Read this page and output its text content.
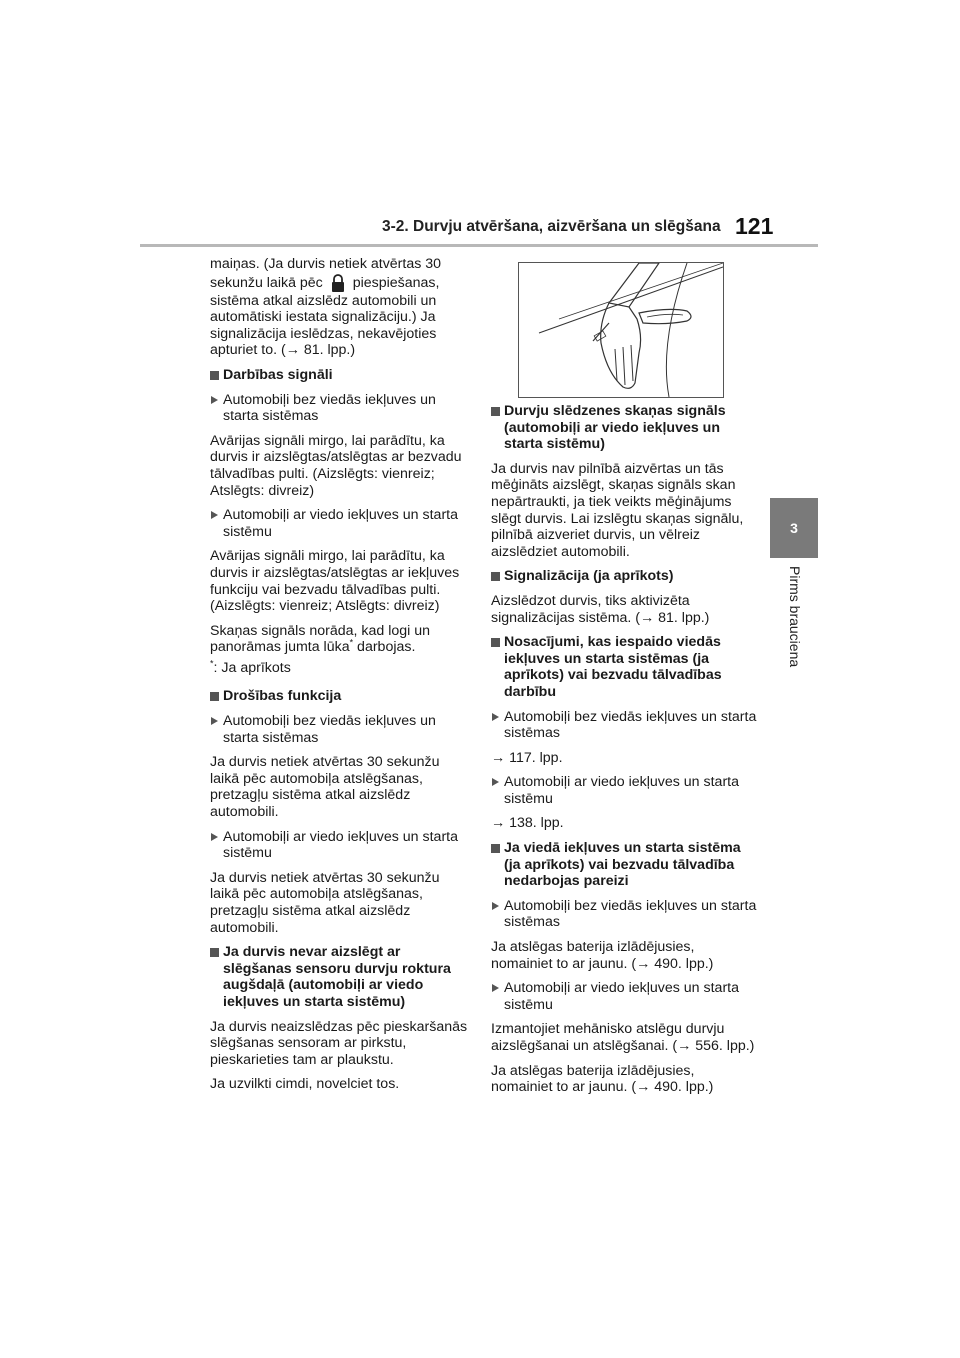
3-2. Durvju atvēršana, aizvēršana un slēgšana 121
3
Pirms brauciena

maiņas. (Ja durvis netiek atvērtas 30
sekunžu laikā pēc piespiešanas,
sistēma atkal aizslēdz automobili un automātiski iestata signalizāciju.) Ja signalizācija ieslēdzas, nekavējoties apturiet to. (→ 81. lpp.)

Darbības signāli
Automobiļi bez viedās iekļuves un starta sistēmas

Avārijas signāli mirgo, lai parādītu, ka durvis ir aizslēgtas/atslēgtas ar bezvadu tālvadības pulti. (Aizslēgts: vienreiz; Atslēgts: divreiz)

Automobiļi ar viedo iekļuves un starta sistēmu

Avārijas signāli mirgo, lai parādītu, ka durvis ir aizslēgtas/atslēgtas ar iekļuves funkciju vai bezvadu tālvadības pulti. (Aizslēgts: vienreiz; Atslēgts: divreiz)

Skaņas signāls norāda, kad logi un panorāmas jumta lūka* darbojas.

*: Ja aprīkots

Drošības funkcija
Automobiļi bez viedās iekļuves un starta sistēmas

Ja durvis netiek atvērtas 30 sekunžu laikā pēc automobiļa atslēgšanas, pretzagļu sistēma atkal aizslēdz automobili.

Automobiļi ar viedo iekļuves un starta sistēmu

Ja durvis netiek atvērtas 30 sekunžu laikā pēc automobiļa atslēgšanas, pretzagļu sistēma atkal aizslēdz automobili.

Ja durvis nevar aizslēgt ar slēgšanas sensoru durvju roktura augšdaļā (automobiļi ar viedo iekļuves un starta sistēmu)

Ja durvis neaizslēdzas pēc pieskaršanās slēgšanas sensoram ar pirkstu, pieskarieties tam ar plaukstu.

Ja uzvilkti cimdi, novelciet tos.

Durvju slēdzenes skaņas signāls (automobiļi ar viedo iekļuves un starta sistēmu)

Ja durvis nav pilnībā aizvērtas un tās mēģināts aizslēgt, skaņas signāls skan nepārtraukti, ja tiek veikts mēģinājums slēgt durvis. Lai izslēgtu skaņas signālu, pilnībā aizveriet durvis, un vēlreiz aizslēdziet automobili.

Signalizācija (ja aprīkots)

Aizslēdzot durvis, tiks aktivizēta signalizācijas sistēma. (→ 81. lpp.)

Nosacījumi, kas iespaido viedās iekļuves un starta sistēmas (ja aprīkots) vai bezvadu tālvadības darbību
Automobiļi bez viedās iekļuves un starta sistēmas

→ 117. lpp.

Automobiļi ar viedo iekļuves un starta sistēmu

→ 138. lpp.

Ja viedā iekļuves un starta sistēma (ja aprīkots) vai bezvadu tālvadība nedarbojas pareizi
Automobiļi bez viedās iekļuves un starta sistēmas

Ja atslēgas baterija izlādējusies, nomainiet to ar jaunu. (→ 490. lpp.)

Automobiļi ar viedo iekļuves un starta sistēmu

Izmantojiet mehānisko atslēgu durvju aizslēgšanai un atslēgšanai. (→ 556. lpp.)

Ja atslēgas baterija izlādējusies, nomainiet to ar jaunu. (→ 490. lpp.)
